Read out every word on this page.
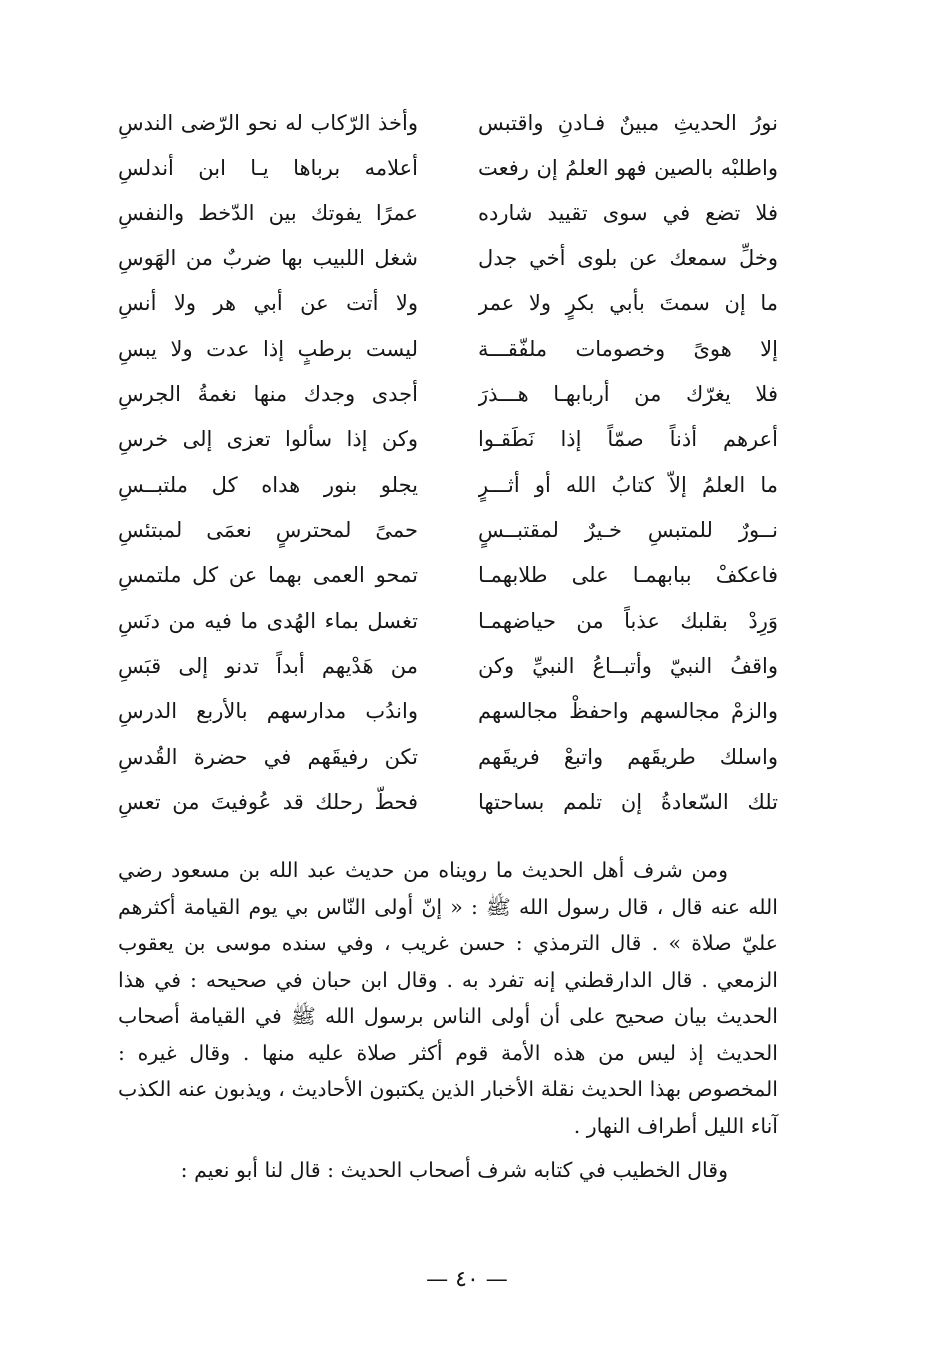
نورُ الحديثِ مبينٌ فـادنِ واقتبس
وأخذ الرّكاب له نحو الرّضى الندسِ
واطلبْه بالصين فهو العلمُ إن رفعت
أعلامه برباها يـا ابن أندلسِ
فلا تضع في سوى تقييد شارده
عمرًا يفوتك بين الدّخط والنفسِ
وخلِّ سمعك عن بلوى أخي جدل
شغل اللبيب بها ضربٌ من الهَوسِ
ما إن سمتَ بأبي بكرٍ ولا عمر
ولا أتت عن أبي هر ولا أنسِ
إلا هوىً وخصومات ملفّقـــة
ليست برطبٍ إذا عدت ولا يبسِ
فلا يغرّك من أربابهـا هـــذرَ
أجدى وجدك منها نغمةُ الجرسِ
أعرهم أذناً صمّاً إذا نَطَقـوا
وكن إذا سألوا تعزى إلى خرسِ
ما العلمُ إلاّ كتابُ الله أو أثـــرٍ
يجلو بنور هداه كل ملتبــسِ
نــورٌ للمتبسِ خـيرٌ لمقتبــسٍ
حمىً لمحترسٍ نعمَى لمبتئسِ
فاعكفْ ببابهمـا على طلابهمـا
تمحو العمى بهما عن كل ملتمسِ
وَرِدْ بقلبك عذباً من حياضهمـا
تغسل بماء الهُدى ما فيه من دنَسِ
واقفُ النبيّ وأتبــاعُ النبيِّ وكن
من هَدْيهم أبداً تدنو إلى قبَسِ
والزمْ مجالسهم واحفظْ مجالسهم
واندُب مدارسهم بالأربع الدرسِ
واسلك طريقَهم واتبعْ فريقَهم
تكن رفيقَهم في حضرة القُدسِ
تلك السّعادةُ إن تلمم بساحتها
فحطّ رحلك قد عُوفيتَ من تعسِ

ومن شرف أهل الحديث ما رويناه من حديث عبد الله بن مسعود رضي الله عنه قال ، قال رسول الله ﷺ : « إنّ أولى النّاس بي يوم القيامة أكثرهم عليّ صلاة » . قال الترمذي : حسن غريب ، وفي سنده موسى بن يعقوب الزمعي . قال الدارقطني إنه تفرد به . وقال ابن حبان في صحيحه : في هذا الحديث بيان صحيح على أن أولى الناس برسول الله ﷺ في القيامة أصحاب الحديث إذ ليس من هذه الأمة قوم أكثر صلاة عليه منها . وقال غيره : المخصوص بهذا الحديث نقلة الأخبار الذين يكتبون الأحاديث ، ويذبون عنه الكذب آناء الليل أطراف النهار .

وقال الخطيب في كتابه شرف أصحاب الحديث : قال لنا أبو نعيم :

— ٤٠ —
